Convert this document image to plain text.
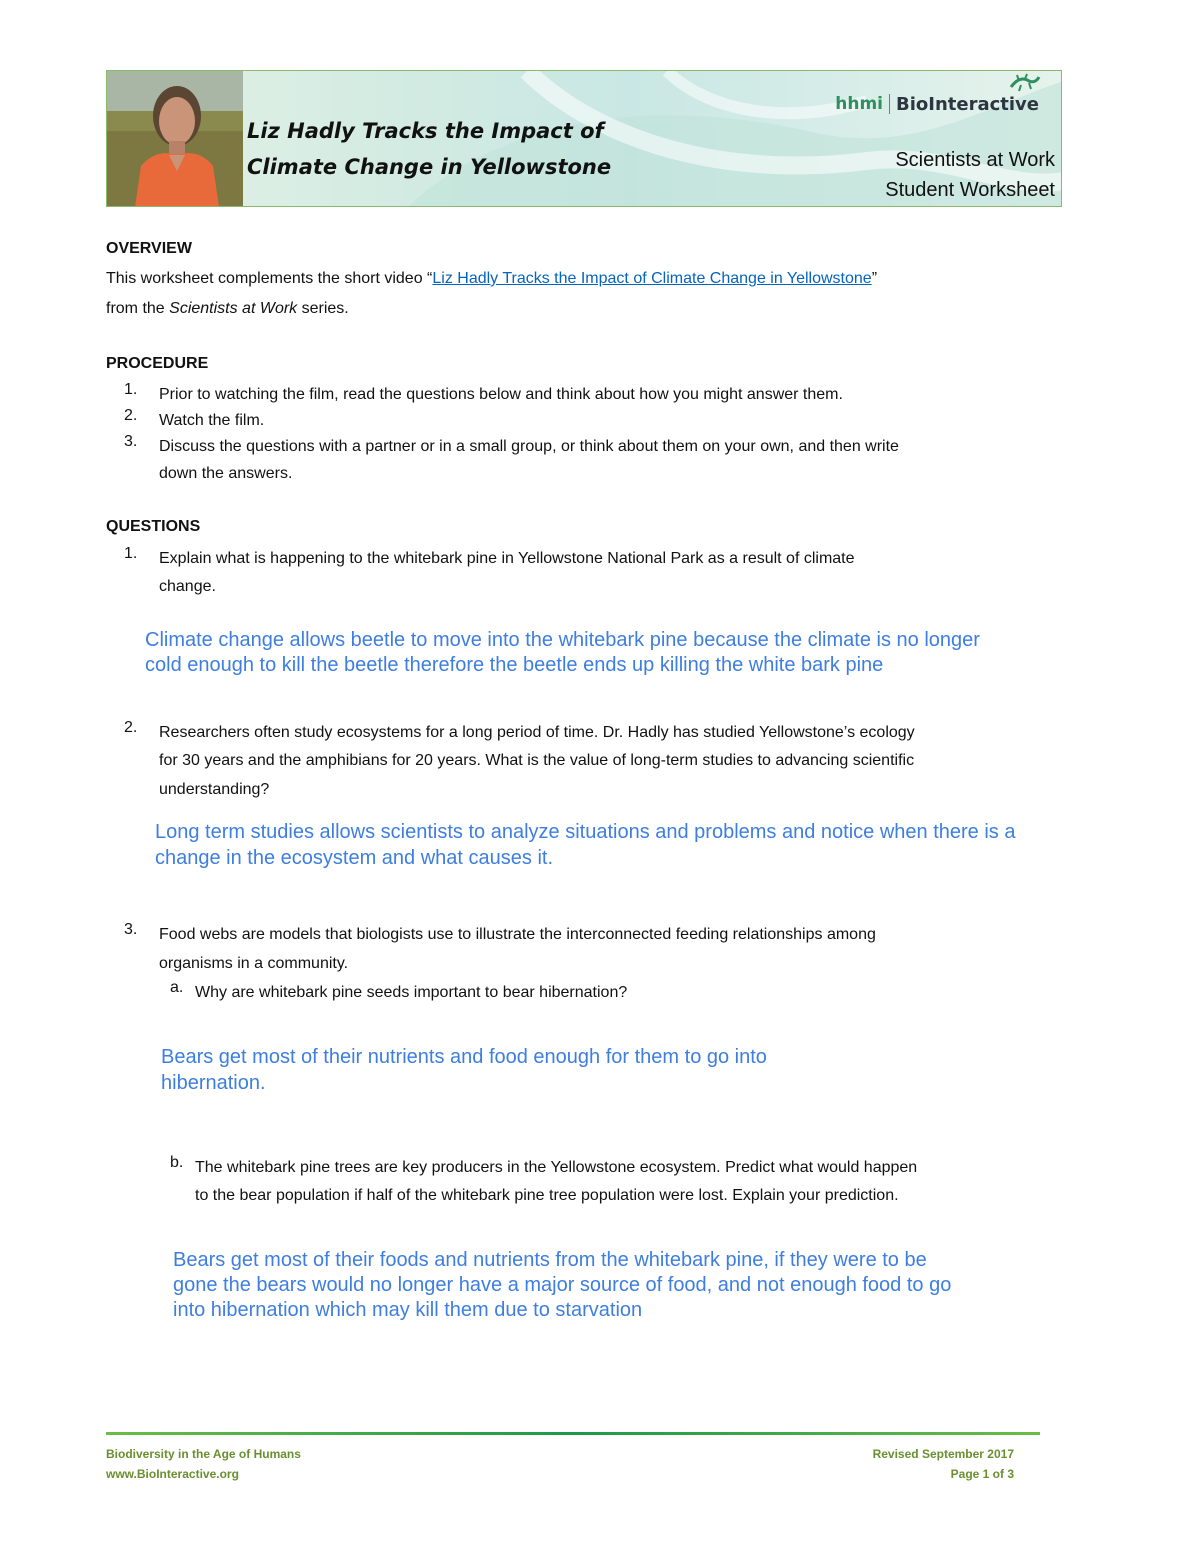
Liz Hadly Tracks the Impact of
Climate Change in Yellowstone
hhmi BioInteractive
Scientists at Work
Student Worksheet
OVERVIEW
This worksheet complements the short video “Liz Hadly Tracks the Impact of Climate Change in Yellowstone”
from the Scientists at Work series.
PROCEDURE
1. Prior to watching the film, read the questions below and think about how you might answer them.
2. Watch the film.
3. Discuss the questions with a partner or in a small group, or think about them on your own, and then write
down the answers.
QUESTIONS
1. Explain what is happening to the whitebark pine in Yellowstone National Park as a result of climate
change.
Climate change allows beetle to move into the whitebark pine because the climate is no longer
cold enough to kill the beetle therefore the beetle ends up killing the white bark pine
2. Researchers often study ecosystems for a long period of time. Dr. Hadly has studied Yellowstone’s ecology
for 30 years and the amphibians for 20 years. What is the value of long-term studies to advancing scientific
understanding?
Long term studies allows scientists to analyze situations and problems and notice when there is a
change in the ecosystem and what causes it.
3. Food webs are models that biologists use to illustrate the interconnected feeding relationships among
organisms in a community.
a. Why are whitebark pine seeds important to bear hibernation?
Bears get most of their nutrients and food enough for them to go into
hibernation.
b. The whitebark pine trees are key producers in the Yellowstone ecosystem. Predict what would happen
to the bear population if half of the whitebark pine tree population were lost. Explain your prediction.
Bears get most of their foods and nutrients from the whitebark pine, if they were to be
gone the bears would no longer have a major source of food, and not enough food to go
into hibernation which may kill them due to starvation
Biodiversity in the Age of Humans
www.BioInteractive.org
Revised September 2017
Page 1 of 3
